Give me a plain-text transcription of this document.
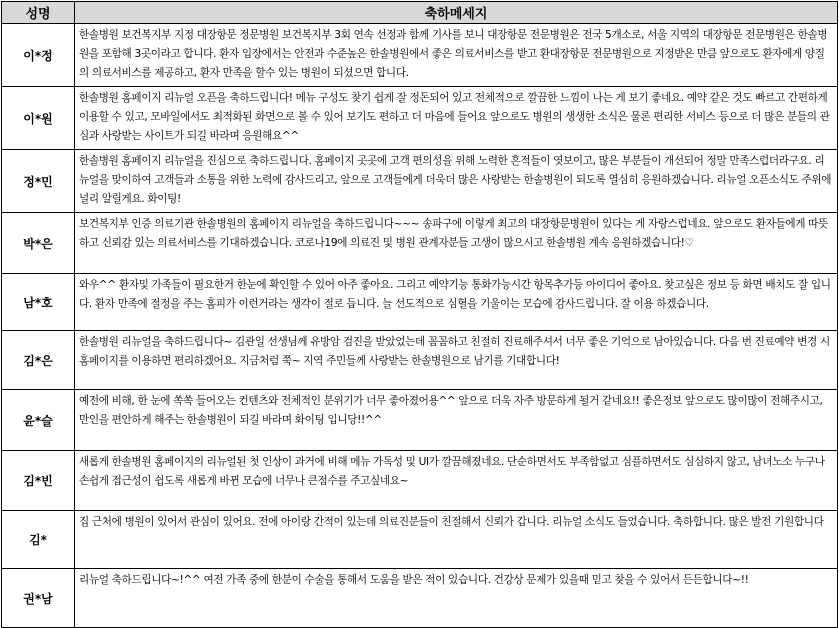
성명	축하메세지
이*정	한솔병원 보건복지부 지정 대장항문 정문병원 보건복지부 3회 연속 선정과 함께 기사를 보니 대장항문 전문병원은 전국 5개소로, 서울 지역의 대장항문 전문병원은 한솔병원을 포함해 3곳이라고 합니다. 환자 입장에서는 안전과 수준높은 한솔병원에서 좋은 의료서비스를 받고 환대장항문 전문병원으로 지정받은 만큼 앞으로도 환자에게 양질의 의료서비스를 제공하고, 환자 만족을 할수 있는 병원이 되셨으면 합니다.
이*원	한솔병원 홈페이지 리뉴얼 오픈을 축하드립니다! 메뉴 구성도 찾기 쉽게 잘 정돈되어 있고 전체적으로 깔끔한 느낌이 나는 게 보기 좋네요. 예약 같은 것도 빠르고 간편하게 이용할 수 있고, 모바일에서도 최적화된 화면으로 볼 수 있어 보기도 편하고 더 마음에 들어요 앞으로도 병원의 생생한 소식은 물론 편리한 서비스 등으로 더 많은 분들의 관심과 사랑받는 사이트가 되길 바라며 응원해요^^
정*민	한솔병원 홈페이지 리뉴얼을 진심으로 축하드립니다. 홈페이지 곳곳에 고객 편의성을 위해 노력한 흔적들이 엿보이고, 많은 부분들이 개선되어 정말 만족스럽더라구요. 리뉴얼을 맞이하여 고객들과 소통을 위한 노력에 감사드리고, 앞으로 고객들에게 더욱더 많은 사랑받는 한솔병원이 되도록 열심히 응원하겠습니다. 리뉴얼 오픈소식도 주위에 널리 알릴게요. 화이팅!
박*은	보건복지부 인증 의료기관 한솔병원의 홈페이지 리뉴얼을 축하드립니다~~~ 송파구에 이렇게 최고의 대장항문병원이 있다는 게 자랑스럽네요. 앞으로도 환자들에게 따뜻하고 신뢰감 있는 의료서비스를 기대하겠습니다. 코로나19에 의료진 및 병원 관계자분들 고생이 많으시고 한솔병원 계속 응원하겠습니다!♡
남*호	와우^^ 환자및 가족들이 필요한거 한눈에 확인할 수 있어 아주 좋아요. 그리고 예약기능 통화가능시간 항목추가등 아이디어 좋아요. 찾고싶은 정보 등 화면 배치도 잘 입니다. 환자 만족에 절정을 주는 홈피가 이런거라는 생각이 절로 듭니다. 늘 선도적으로 심혈을 기울이는 모습에 감사드립니다. 잘 이용 하겠습니다.
김*은	한솔병원 리뉴얼을 축하드립니다~ 김관일 선생님께 유방암 검진을 받았었는데 꼼꼼하고 친절히 진료해주셔서 너무 좋은 기억으로 남아있습니다. 다음 번 진료예약 변경 시 홈페이지를 이용하면 편리하겠어요. 지금처럼 쭉~ 지역 주민들께 사랑받는 한솔병원으로 남기를 기대합니다!
윤*슬	예전에 비해, 한 눈에 쏙쏙 들어오는 컨텐츠와 전체적인 분위기가 너무 좋아졌어용^^ 앞으로 더욱 자주 방문하게 될거 같네요!! 좋은정보 앞으로도 많이많이 전해주시고, 만인을 편안하게 해주는 한솔병원이 되길 바라며 화이팅 입니당!!^^
김*빈	새롭게 한솔병원 홈페이지의 리뉴얼된 첫 인상이 과거에 비해 메뉴 가독성 및 UI가 깔끔해졌네요. 단순하면서도 부족함없고 심플하면서도 심심하지 않고, 남녀노소 누구나 손쉽게 접근성이 쉽도록 새롭게 바뀐 모습에 너무나 큰점수를 주고싶네요~
김*	집 근처에 병원이 있어서 관심이 있어요. 전에 아이랑 간적이 있는데 의료진분들이 친절해서 신뢰가 갑니다. 리뉴얼 소식도 들었습니다. 축하합니다. 많은 발전 기원합니다
권*남	리뉴얼 축하드립니다~!^^ 여전 가족 중에 한분이 수술을 통해서 도움을 받은 적이 있습니다. 건강상 문제가 있을때 믿고 찾을 수 있어서 든든합니다~!!
